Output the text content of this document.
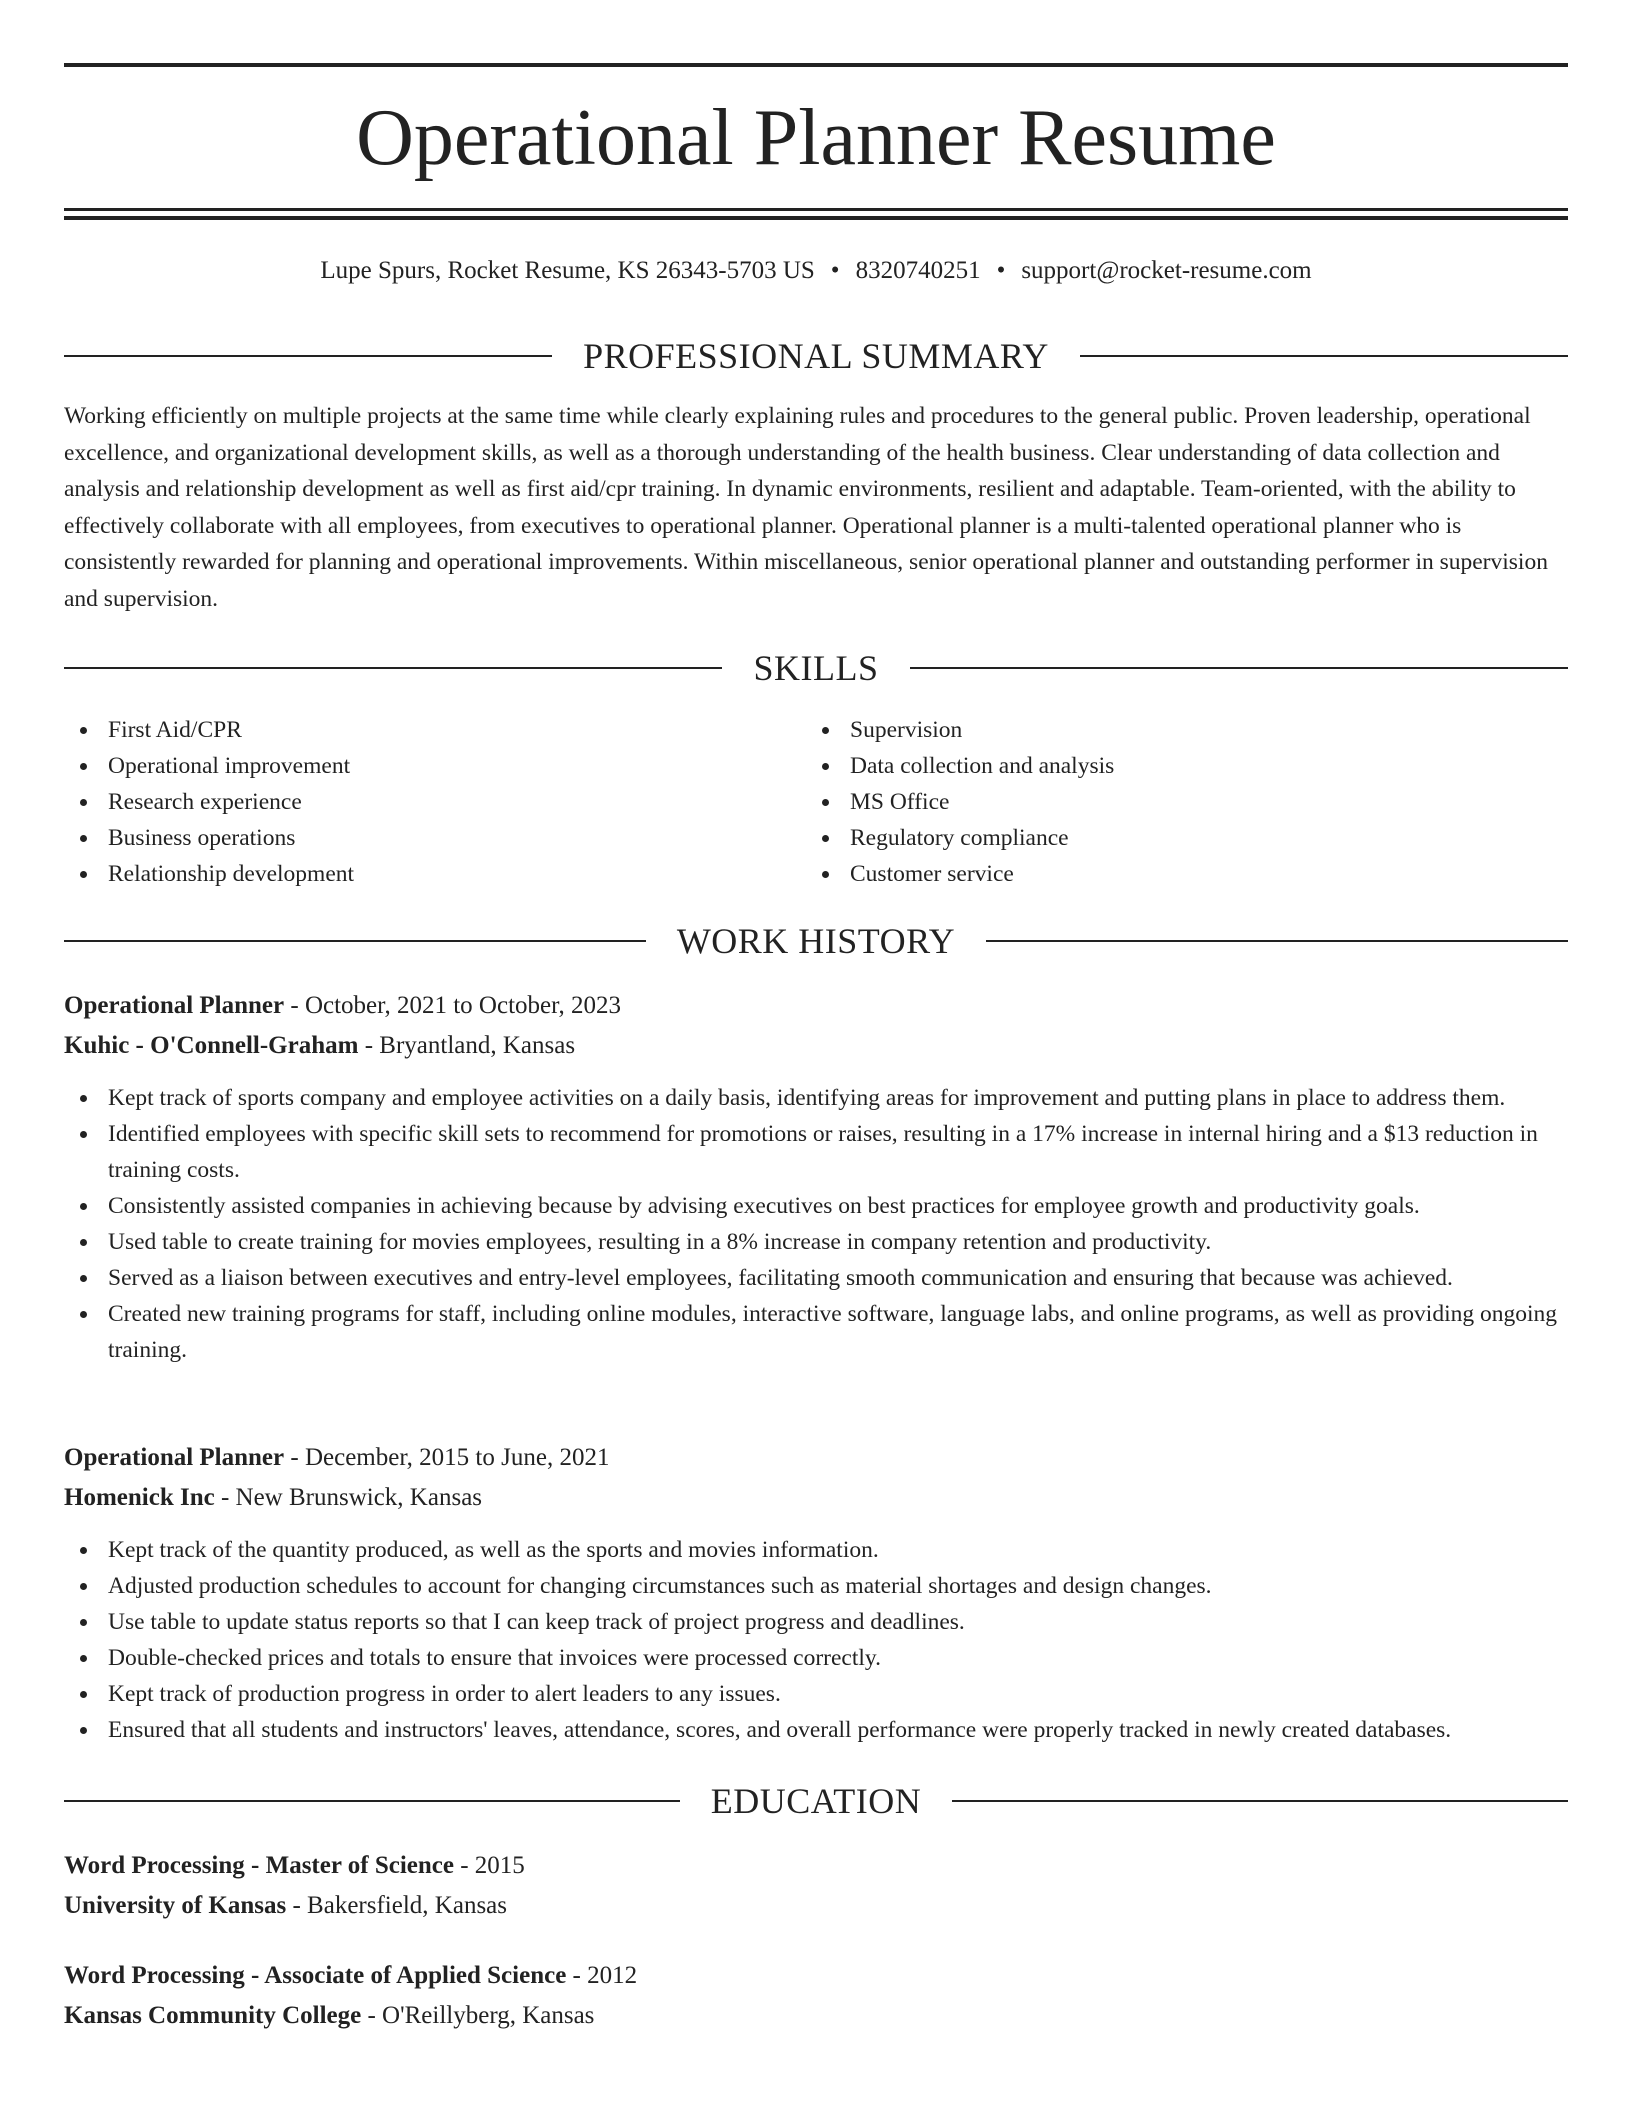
Operational Planner Resume
Lupe Spurs, Rocket Resume, KS 26343-5703 US • 8320740251 • support@rocket-resume.com
PROFESSIONAL SUMMARY
Working efficiently on multiple projects at the same time while clearly explaining rules and procedures to the general public. Proven leadership, operational excellence, and organizational development skills, as well as a thorough understanding of the health business. Clear understanding of data collection and analysis and relationship development as well as first aid/cpr training. In dynamic environments, resilient and adaptable. Team-oriented, with the ability to effectively collaborate with all employees, from executives to operational planner. Operational planner is a multi-talented operational planner who is consistently rewarded for planning and operational improvements. Within miscellaneous, senior operational planner and outstanding performer in supervision and supervision.
SKILLS
First Aid/CPR
Operational improvement
Research experience
Business operations
Relationship development
Supervision
Data collection and analysis
MS Office
Regulatory compliance
Customer service
WORK HISTORY
Operational Planner - October, 2021 to October, 2023
Kuhic - O'Connell-Graham - Bryantland, Kansas
Kept track of sports company and employee activities on a daily basis, identifying areas for improvement and putting plans in place to address them.
Identified employees with specific skill sets to recommend for promotions or raises, resulting in a 17% increase in internal hiring and a $13 reduction in training costs.
Consistently assisted companies in achieving because by advising executives on best practices for employee growth and productivity goals.
Used table to create training for movies employees, resulting in a 8% increase in company retention and productivity.
Served as a liaison between executives and entry-level employees, facilitating smooth communication and ensuring that because was achieved.
Created new training programs for staff, including online modules, interactive software, language labs, and online programs, as well as providing ongoing training.
Operational Planner - December, 2015 to June, 2021
Homenick Inc - New Brunswick, Kansas
Kept track of the quantity produced, as well as the sports and movies information.
Adjusted production schedules to account for changing circumstances such as material shortages and design changes.
Use table to update status reports so that I can keep track of project progress and deadlines.
Double-checked prices and totals to ensure that invoices were processed correctly.
Kept track of production progress in order to alert leaders to any issues.
Ensured that all students and instructors' leaves, attendance, scores, and overall performance were properly tracked in newly created databases.
EDUCATION
Word Processing - Master of Science - 2015
University of Kansas - Bakersfield, Kansas
Word Processing - Associate of Applied Science - 2012
Kansas Community College - O'Reillyberg, Kansas
